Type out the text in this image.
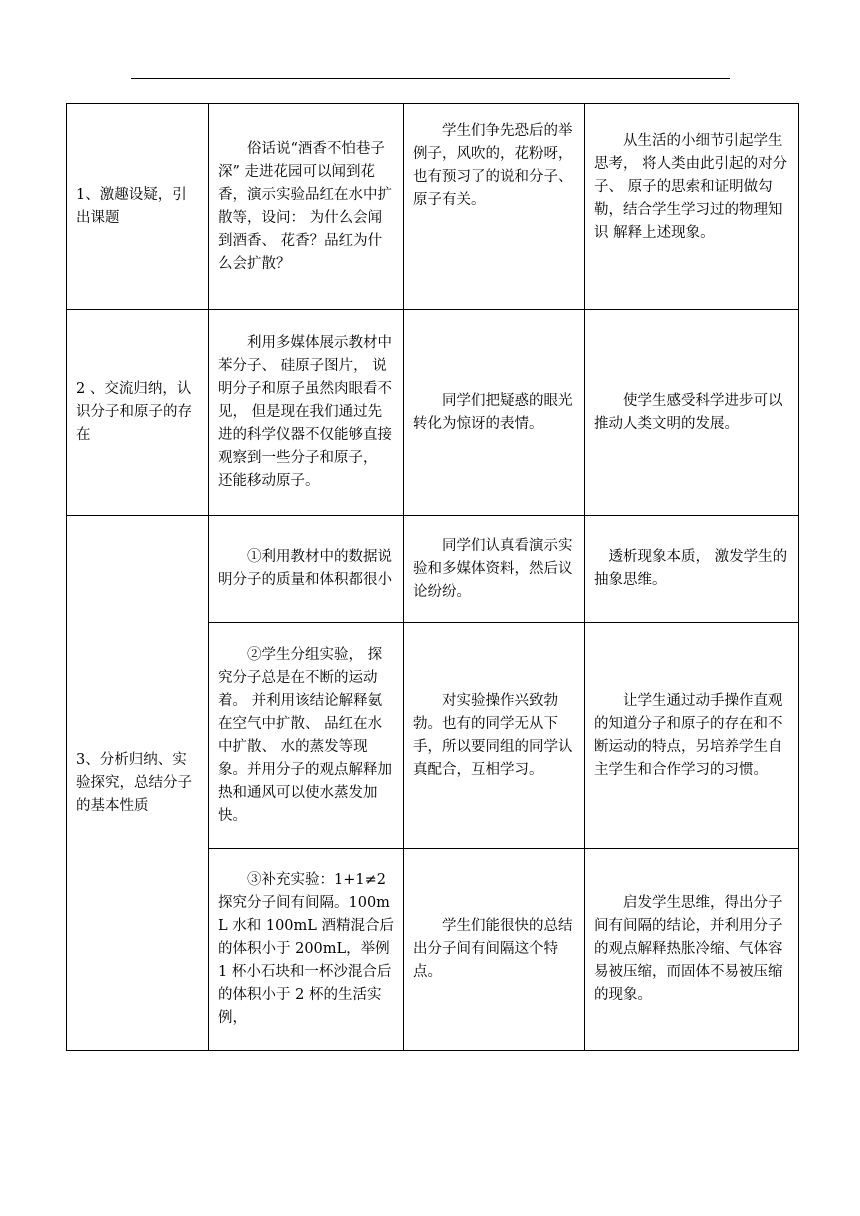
1、激趣设疑，引出课题	俗话说“酒香不怕巷子深” 走进花园可以闻到花香，演示实验品红在水中扩散等，设问： 为什么会闻到酒香、 花香？品红为什么会扩散？	学生们争先恐后的举例子，风吹的，花粉呀，也有预习了的说和分子、原子有关。	从生活的小细节引起学生思考， 将人类由此引起的对分子、 原子的思索和证明做勾勒，结合学生学习过的物理知识 解释上述现象。

2 、交流归纳，认识分子和原子的存在	利用多媒体展示教材中苯分子、 硅原子图片， 说明分子和原子虽然肉眼看不见， 但是现在我们通过先进的科学仪器不仅能够直接观察到一些分子和原子， 还能移动原子。	同学们把疑惑的眼光转化为惊讶的表情。	使学生感受科学进步可以推动人类文明的发展。

3、分析归纳、实验探究，总结分子的基本性质	①利用教材中的数据说明分子的质量和体积都很小	同学们认真看演示实验和多媒体资料，然后议论纷纷。	透析现象本质， 激发学生的抽象思维。

	②学生分组实验， 探究分子总是在不断的运动着。 并利用该结论解释氨在空气中扩散、 品红在水中扩散、 水的蒸发等现象。并用分子的观点解释加热和通风可以使水蒸发加快。	对实验操作兴致勃勃。也有的同学无从下手，所以要同组的同学认真配合，互相学习。	让学生通过动手操作直观的知道分子和原子的存在和不断运动的特点，另培养学生自主学生和合作学习的习惯。

	③补充实验：1+1≠2 探究分子间有间隔。100mL 水和 100mL 酒精混合后的体积小于 200mL，举例 1 杯小石块和一杯沙混合后的体积小于 2 杯的生活实例，	学生们能很快的总结出分子间有间隔这个特点。	启发学生思维，得出分子间有间隔的结论，并利用分子的观点解释热胀冷缩、气体容易被压缩，而固体不易被压缩的现象。
